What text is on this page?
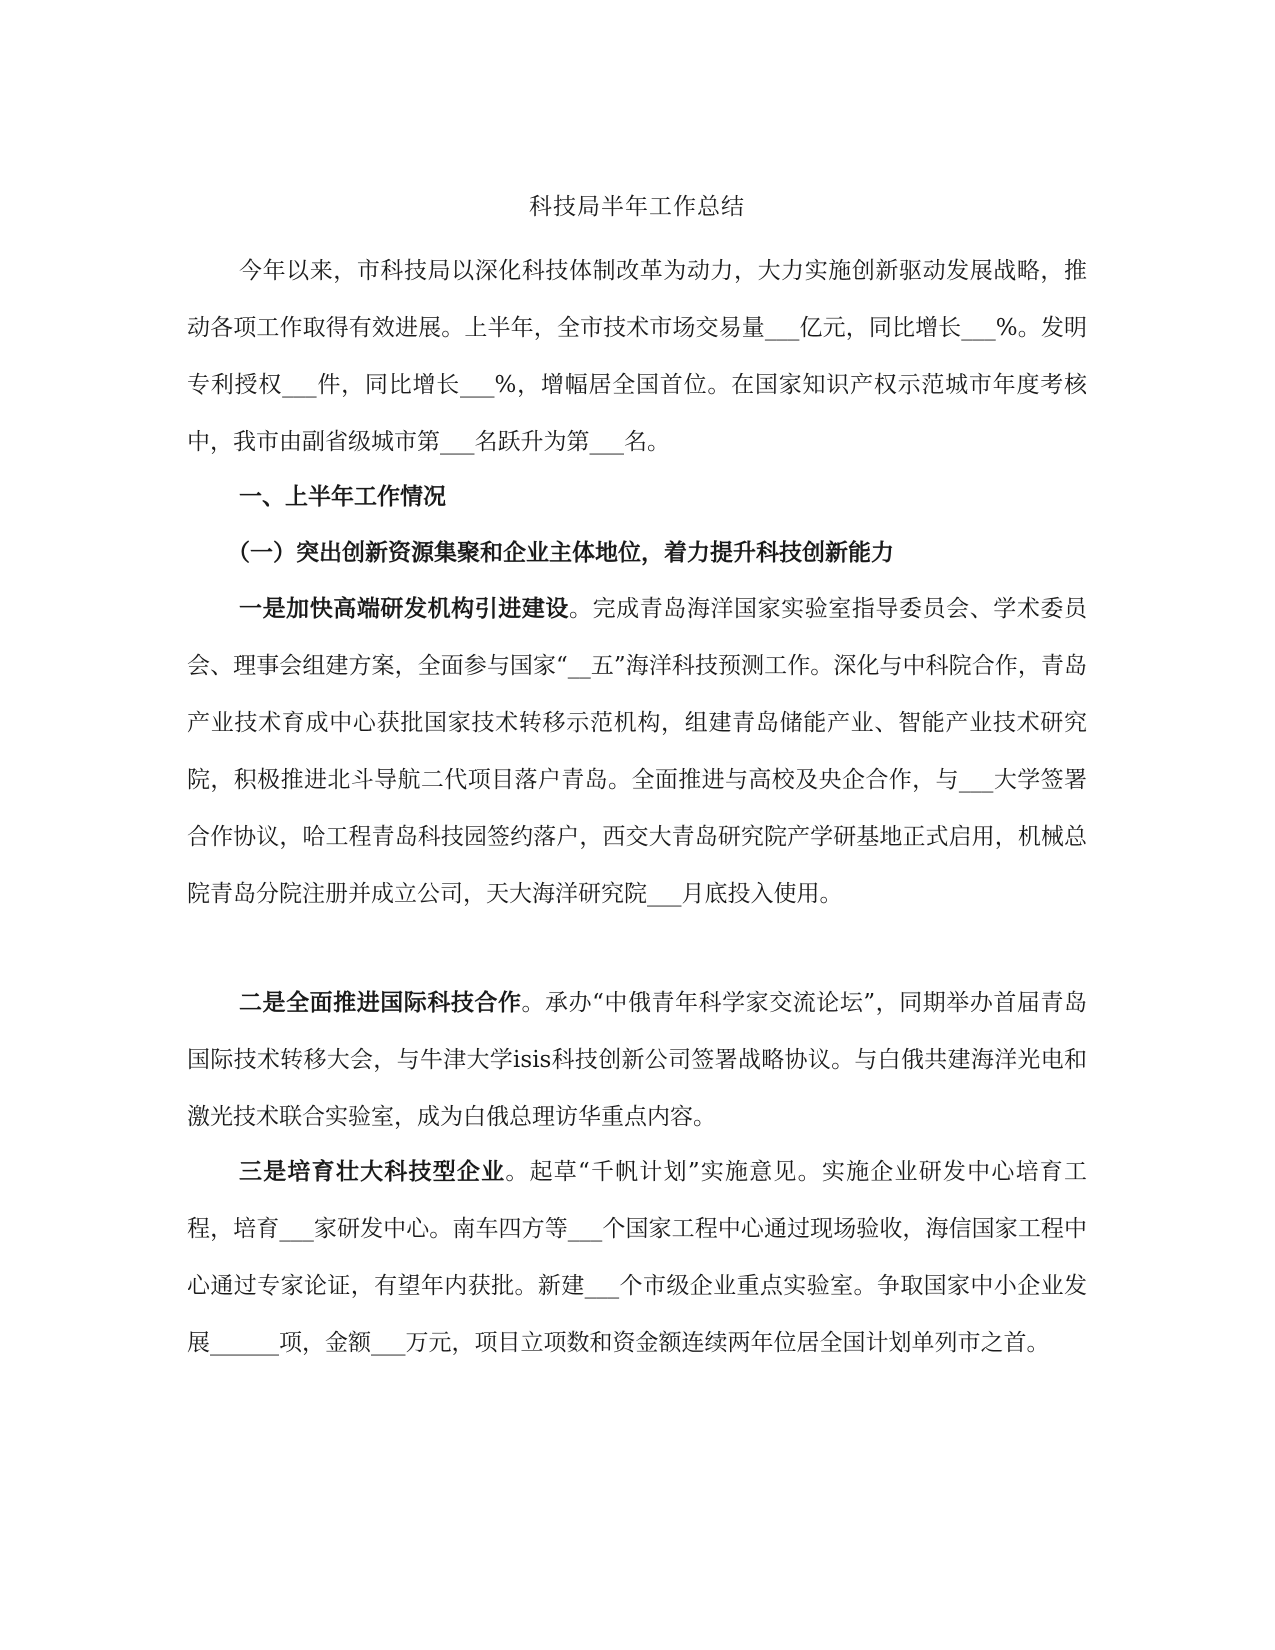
科技局半年工作总结

今年以来，市科技局以深化科技体制改革为动力，大力实施创新驱动发展战略，推动各项工作取得有效进展。上半年，全市技术市场交易量___亿元，同比增长___%。发明专利授权___件，同比增长___%，增幅居全国首位。在国家知识产权示范城市年度考核中，我市由副省级城市第___名跃升为第___名。

一、上半年工作情况
（一）突出创新资源集聚和企业主体地位，着力提升科技创新能力

一是加快高端研发机构引进建设。完成青岛海洋国家实验室指导委员会、学术委员会、理事会组建方案，全面参与国家“__五”海洋科技预测工作。深化与中科院合作，青岛产业技术育成中心获批国家技术转移示范机构，组建青岛储能产业、智能产业技术研究院，积极推进北斗导航二代项目落户青岛。全面推进与高校及央企合作，与___大学签署合作协议，哈工程青岛科技园签约落户，西交大青岛研究院产学研基地正式启用，机械总院青岛分院注册并成立公司，天大海洋研究院___月底投入使用。

二是全面推进国际科技合作。承办“中俄青年科学家交流论坛”，同期举办首届青岛国际技术转移大会，与牛津大学isis科技创新公司签署战略协议。与白俄共建海洋光电和激光技术联合实验室，成为白俄总理访华重点内容。

三是培育壮大科技型企业。起草“千帆计划”实施意见。实施企业研发中心培育工程，培育___家研发中心。南车四方等___个国家工程中心通过现场验收，海信国家工程中心通过专家论证，有望年内获批。新建___个市级企业重点实验室。争取国家中小企业发展______项，金额___万元，项目立项数和资金额连续两年位居全国计划单列市之首。
